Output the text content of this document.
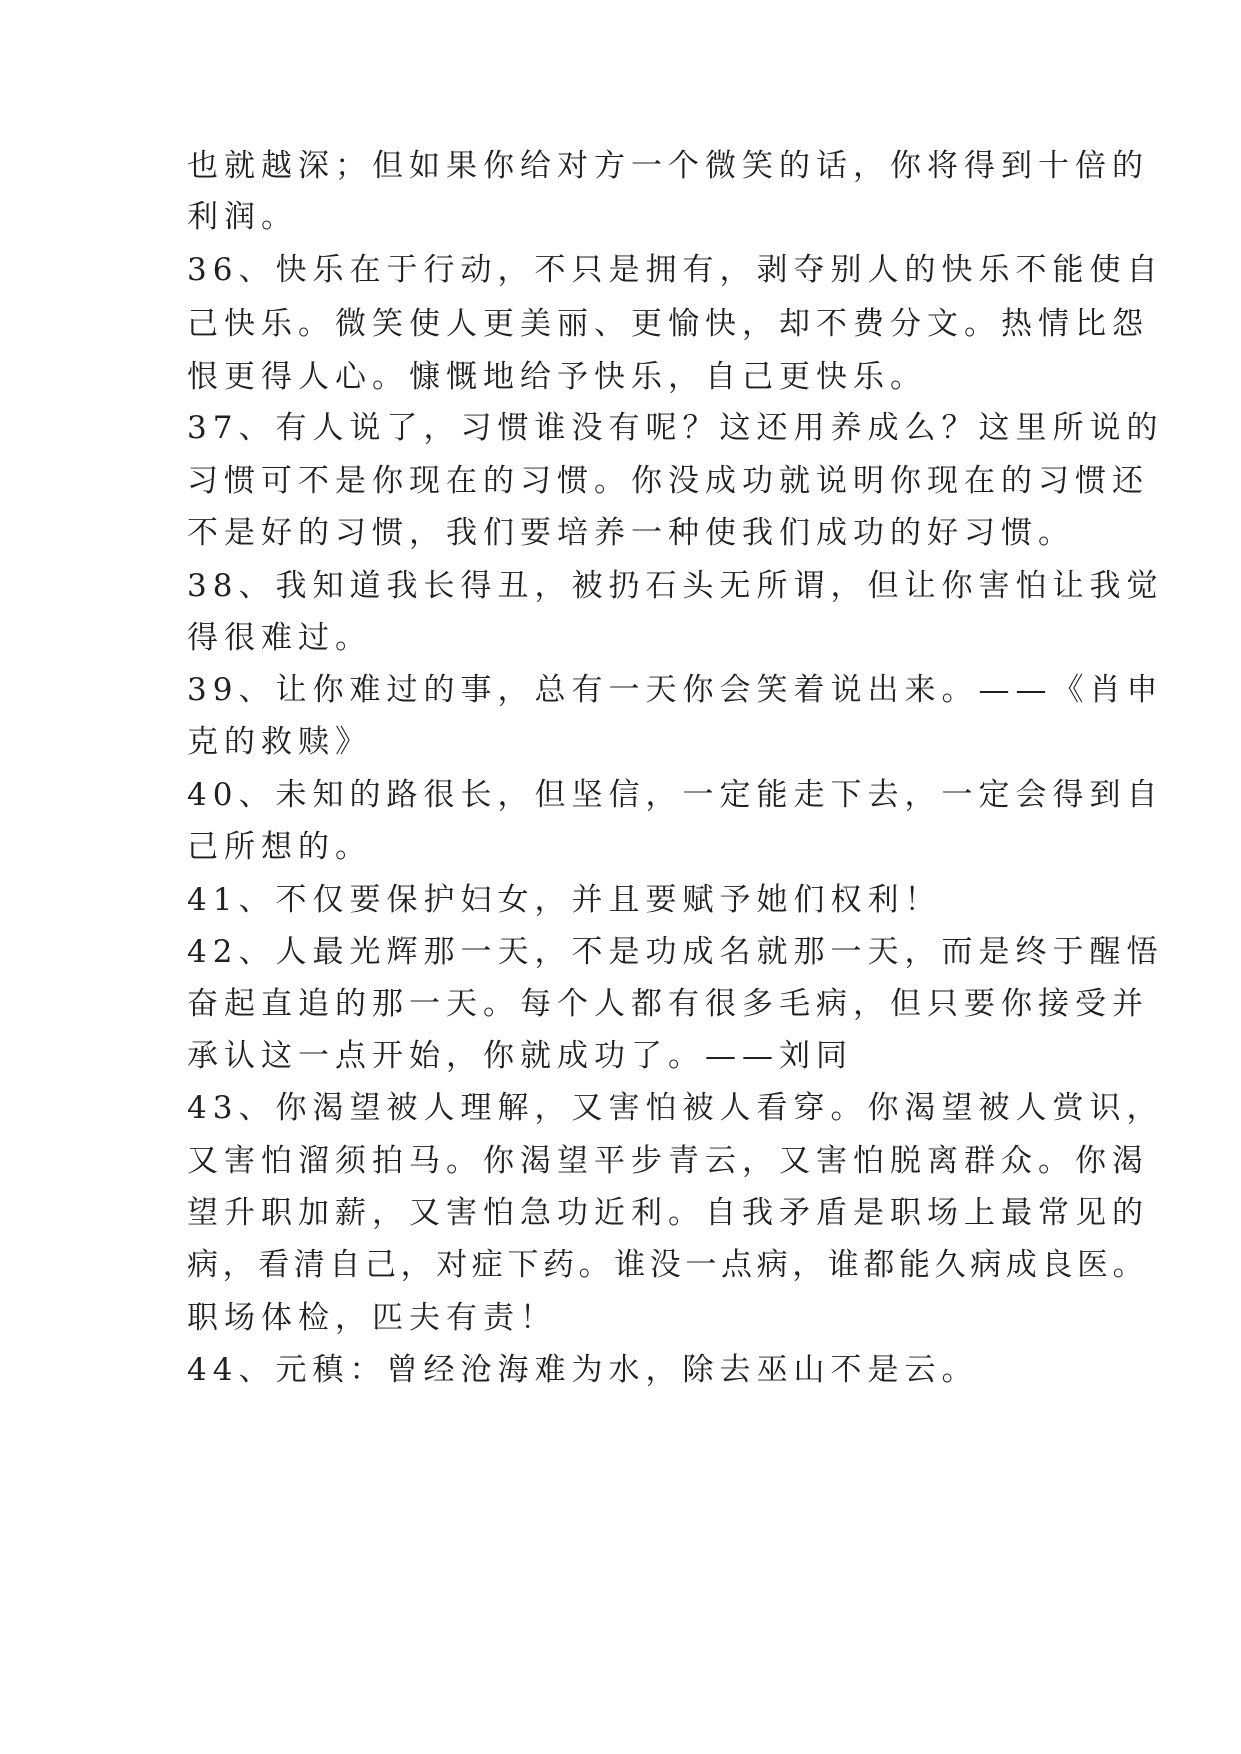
也就越深；但如果你给对方一个微笑的话，你将得到十倍的
利润。
36、快乐在于行动，不只是拥有，剥夺别人的快乐不能使自
己快乐。微笑使人更美丽、更愉快，却不费分文。热情比怨
恨更得人心。慷慨地给予快乐，自己更快乐。
37、有人说了，习惯谁没有呢？这还用养成么？这里所说的
习惯可不是你现在的习惯。你没成功就说明你现在的习惯还
不是好的习惯，我们要培养一种使我们成功的好习惯。
38、我知道我长得丑，被扔石头无所谓，但让你害怕让我觉
得很难过。
39、让你难过的事，总有一天你会笑着说出来。——《肖申
克的救赎》
40、未知的路很长，但坚信，一定能走下去，一定会得到自
己所想的。
41、不仅要保护妇女，并且要赋予她们权利！
42、人最光辉那一天，不是功成名就那一天，而是终于醒悟
奋起直追的那一天。每个人都有很多毛病，但只要你接受并
承认这一点开始，你就成功了。——刘同
43、你渴望被人理解，又害怕被人看穿。你渴望被人赏识，
又害怕溜须拍马。你渴望平步青云，又害怕脱离群众。你渴
望升职加薪，又害怕急功近利。自我矛盾是职场上最常见的
病，看清自己，对症下药。谁没一点病，谁都能久病成良医。
职场体检，匹夫有责！
44、元稹：曾经沧海难为水，除去巫山不是云。
